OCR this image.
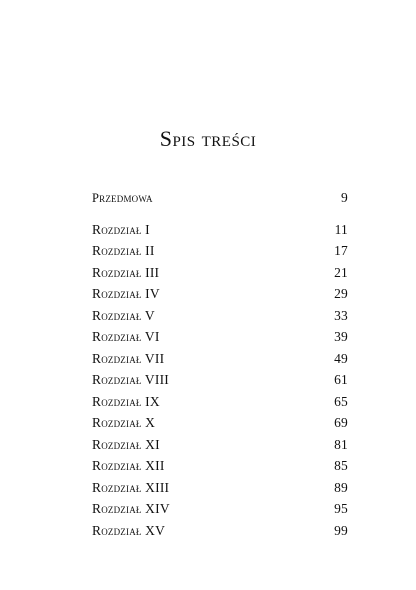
Spis treści
Przedmowa	9
Rozdział I	11
Rozdział II	17
Rozdział III	21
Rozdział IV	29
Rozdział V	33
Rozdział VI	39
Rozdział VII	49
Rozdział VIII	61
Rozdział IX	65
Rozdział X	69
Rozdział XI	81
Rozdział XII	85
Rozdział XIII	89
Rozdział XIV	95
Rozdział XV	99
